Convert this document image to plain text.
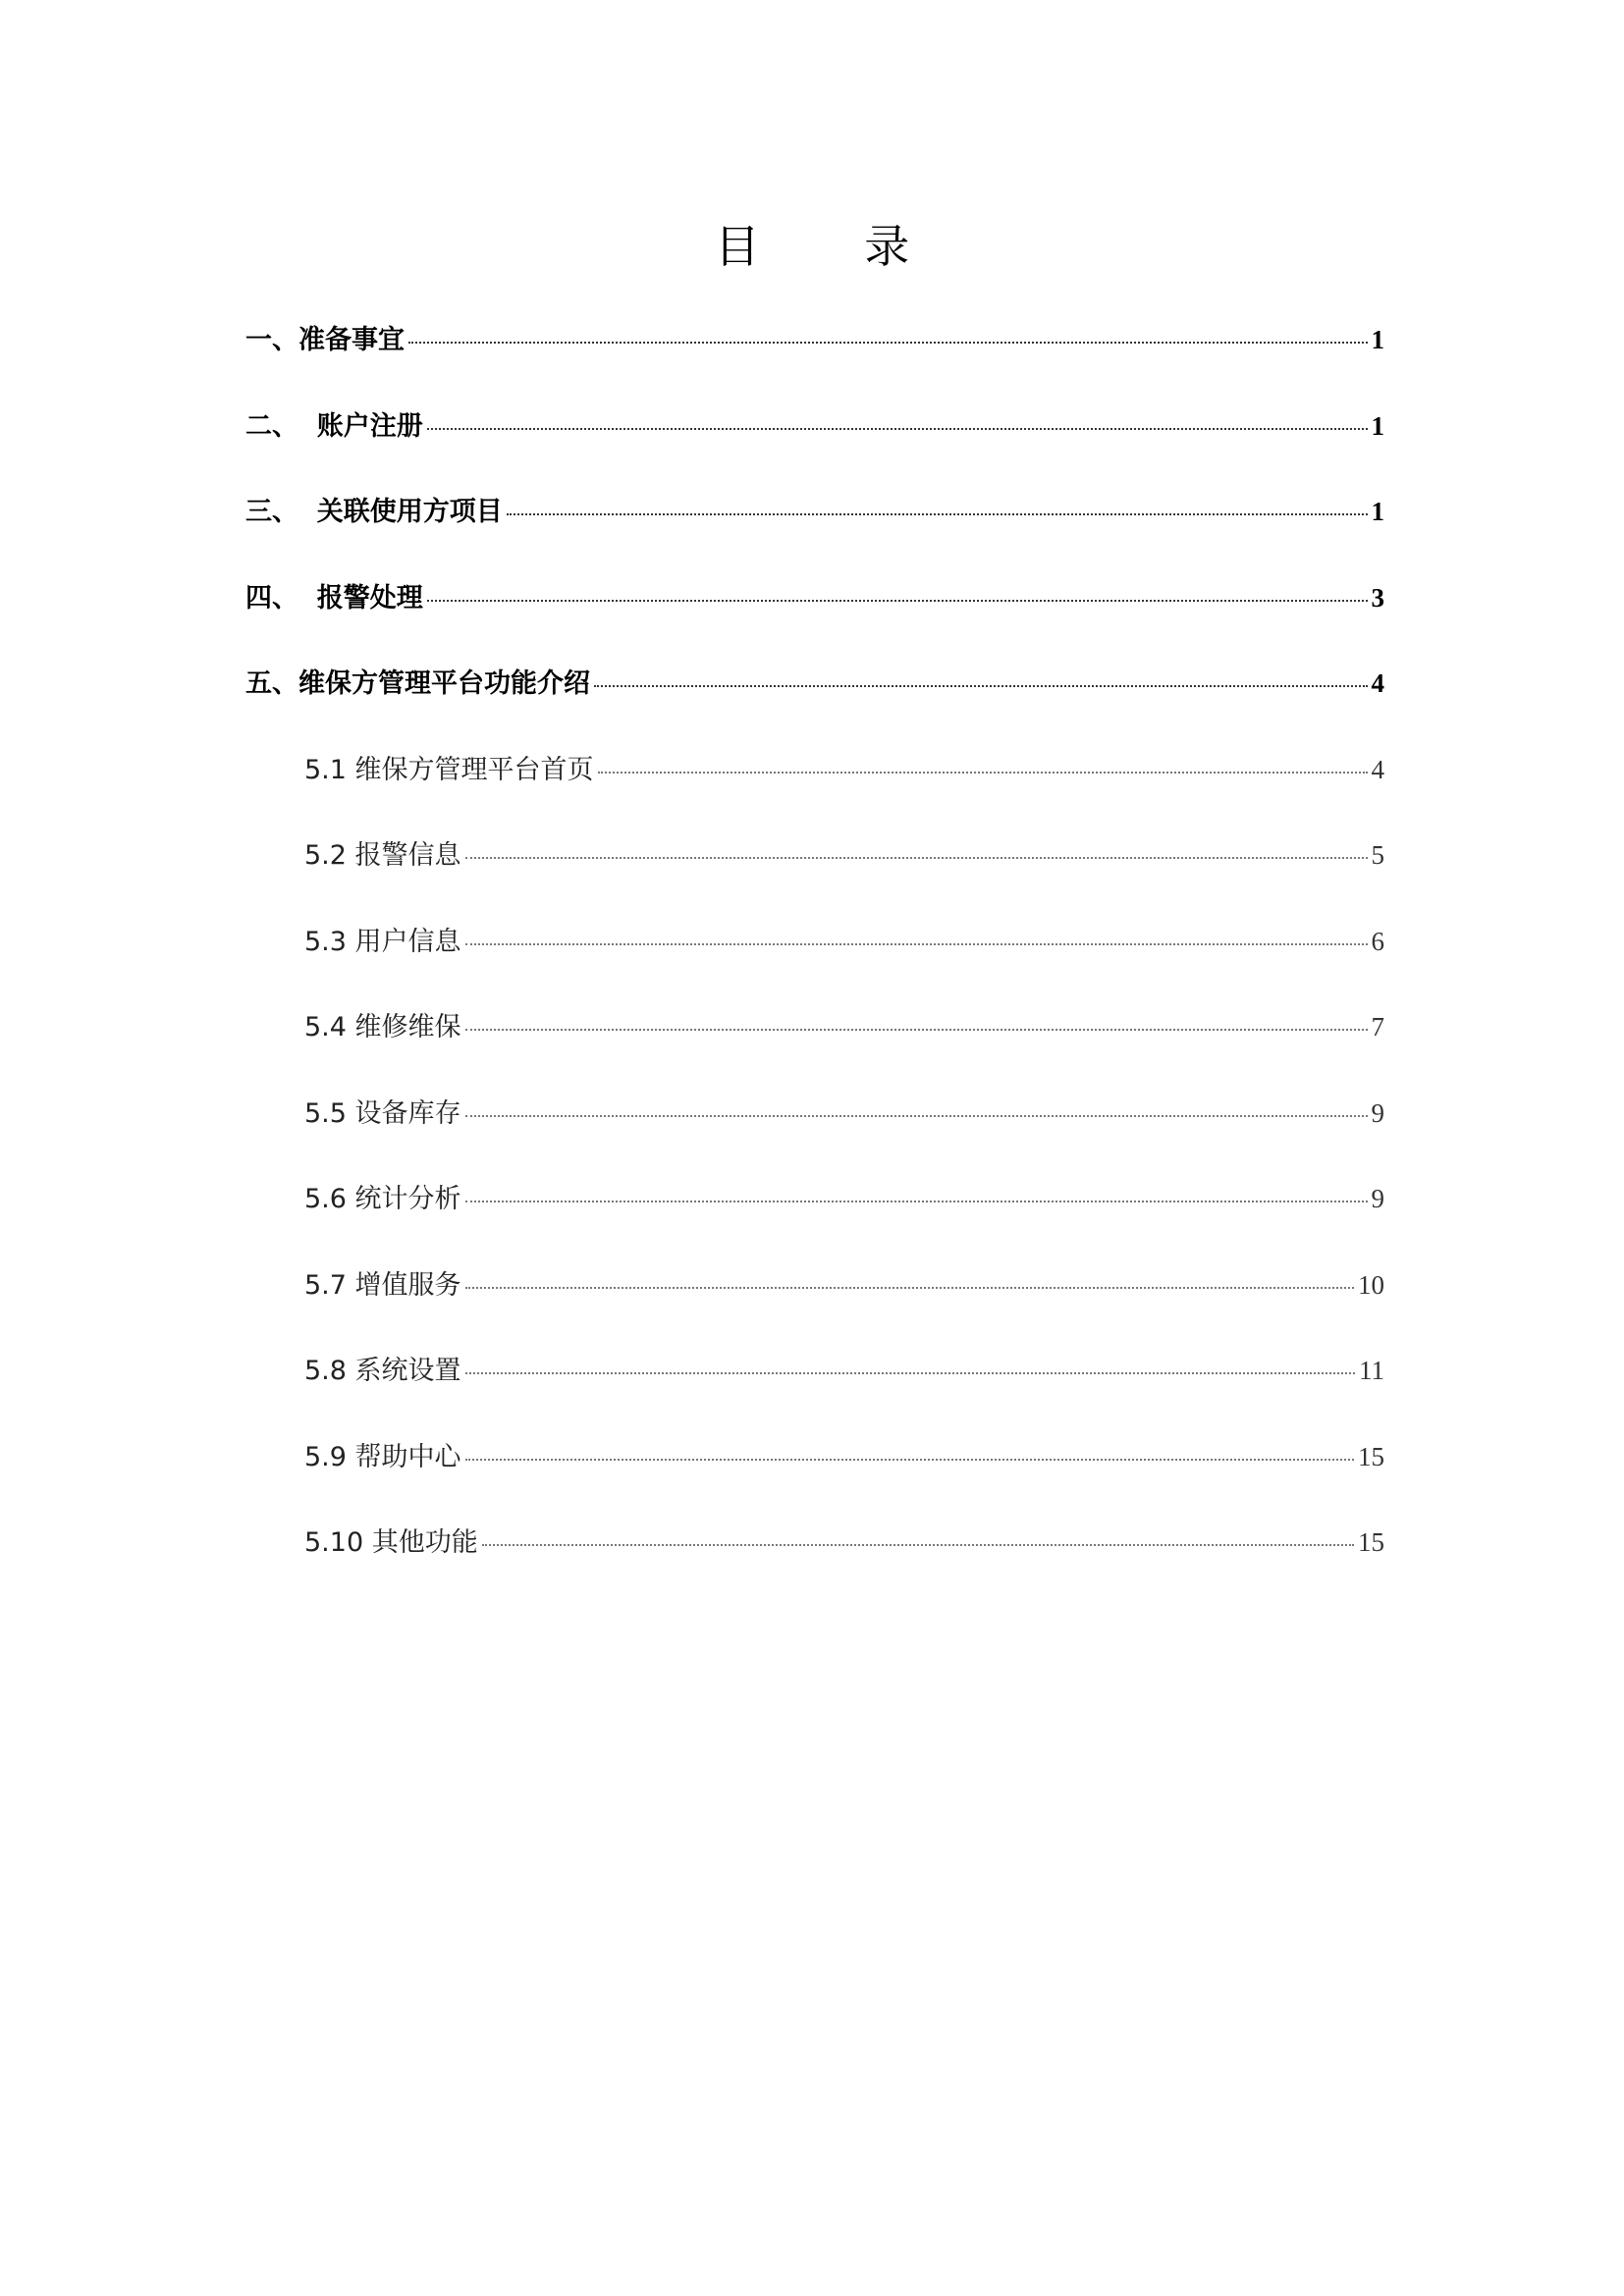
目 录
一、准备事宜	1
二、  账户注册	1
三、  关联使用方项目	1
四、  报警处理	3
五、维保方管理平台功能介绍	4
5.1 维保方管理平台首页	4
5.2 报警信息	5
5.3 用户信息	6
5.4 维修维保	7
5.5 设备库存	9
5.6 统计分析	9
5.7 增值服务	10
5.8 系统设置	11
5.9 帮助中心	15
5.10 其他功能	15
